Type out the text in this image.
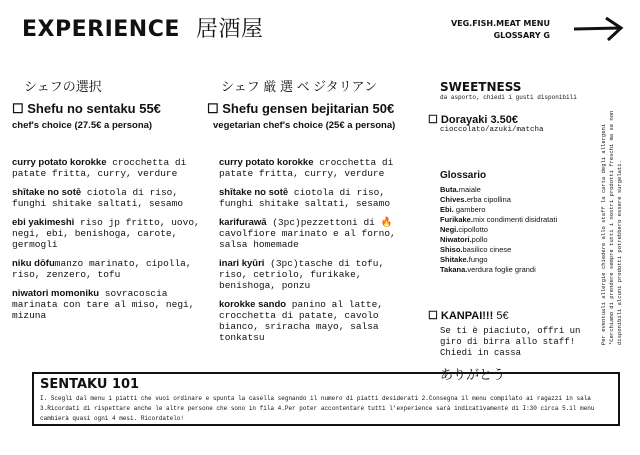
EXPERIENCE 居酒屋	VEG.FISH.MEAT MENU
GLOSSARY G
シェフの選択
☐ Shefu no sentaku 55€
chef's choice (27.5€ a persona)
curry potato korokke crocchetta di patate fritta, curry, verdure
shītake no sotē ciotola di riso, funghi shitake saltati, sesamo
ebi yakimeshi riso jp fritto, uovo, negi, ebi, benishoga, carote, germogli
niku dōfumanzo marinato, cipolla, riso, zenzero, tofu
niwatori momoniku sovracoscia marinata con tare al miso, negi, mizuna
シェフ 厳 選 ベ ジタリアン
☐ Shefu gensen bejitarian 50€
vegetarian chef's choice (25€ a persona)
curry potato korokke crocchetta di patate fritta, curry, verdure
shītake no sotē ciotola di riso, funghi shitake saltati, sesamo
karifurawā (3pc)pezzettoni di 🔥 cavolfiore marinato e al forno, salsa homemade
inari kyūri (3pc)tasche di tofu, riso, cetriolo, furikake, benishoga, ponzu
korokke sando panino al latte, crocchetta di patate, cavolo bianco, sriracha mayo, salsa tonkatsu
SWEETNESS
da asporto, chiedi i gusti disponibili
☐ Dorayaki 3.50€
cioccolato/azuki/matcha
Glossario
Buta.maiale
Chives.erba cipollina
Ebi. gambero
Furikake.mix condimenti disidratati
Negi.cipollotto
Niwatori.pollo
Shiso.basilico cinese
Shitake.fungo
Takana.verdura foglie grandi
☐ KANPAI!!! 5€
Se ti è piaciuto, offri un giro di birra allo staff! Chiedi in cassa
ありがとう
Per eventuali allergie chiedere allo staff la carta degli allergeni *Cerchiamo di prendere sempre tutti i nostri prodotti freschi ma se non disponibili alcuni prodotti potrebbero essere surgelati.
SENTAKU 101

I. Scegli dal menu i piatti che vuoi ordinare e spunta la casella segnando il numero di piatti desiderati 2.Consegna il menu compilato ai ragazzi in sala 3.Ricordati di rispettare anche le altre persone che sono in fila 4.Per poter accontentare tutti l'experience sarà indicativamente di I:30 circa 5.il menu cambierà quasi ogni 4 mesi. Ricordatelo!
